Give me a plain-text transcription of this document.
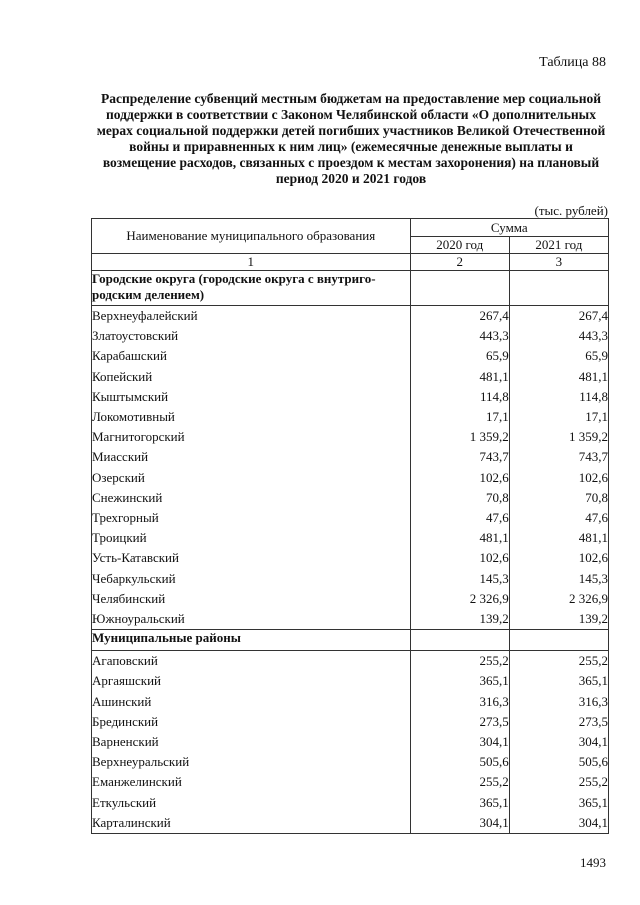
Таблица 88
Распределение субвенций местным бюджетам на предоставление мер социальной поддержки в соответствии с Законом Челябинской области «О дополнительных мерах социальной поддержки детей погибших участников Великой Отечественной войны и приравненных к ним лиц» (ежемесячные денежные выплаты и возмещение расходов, связанных с проездом к местам захоронения) на плановый период 2020 и 2021 годов
(тыс. рублей)
Наименование муниципального образования	Сумма	
	2020 год	2021 год
1	2	3
Городские округа (городские округа с внутригородским делением)		
Верхнеуфалейский	267,4	267,4
Златоустовский	443,3	443,3
Карабашский	65,9	65,9
Копейский	481,1	481,1
Кыштымский	114,8	114,8
Локомотивный	17,1	17,1
Магнитогорский	1 359,2	1 359,2
Миасский	743,7	743,7
Озерский	102,6	102,6
Снежинский	70,8	70,8
Трехгорный	47,6	47,6
Троицкий	481,1	481,1
Усть-Катавский	102,6	102,6
Чебаркульский	145,3	145,3
Челябинский	2 326,9	2 326,9
Южноуральский	139,2	139,2
Муниципальные районы		
Агаповский	255,2	255,2
Аргаяшский	365,1	365,1
Ашинский	316,3	316,3
Брединский	273,5	273,5
Варненский	304,1	304,1
Верхнеуральский	505,6	505,6
Еманжелинский	255,2	255,2
Еткульский	365,1	365,1
Карталинский	304,1	304,1
1493
